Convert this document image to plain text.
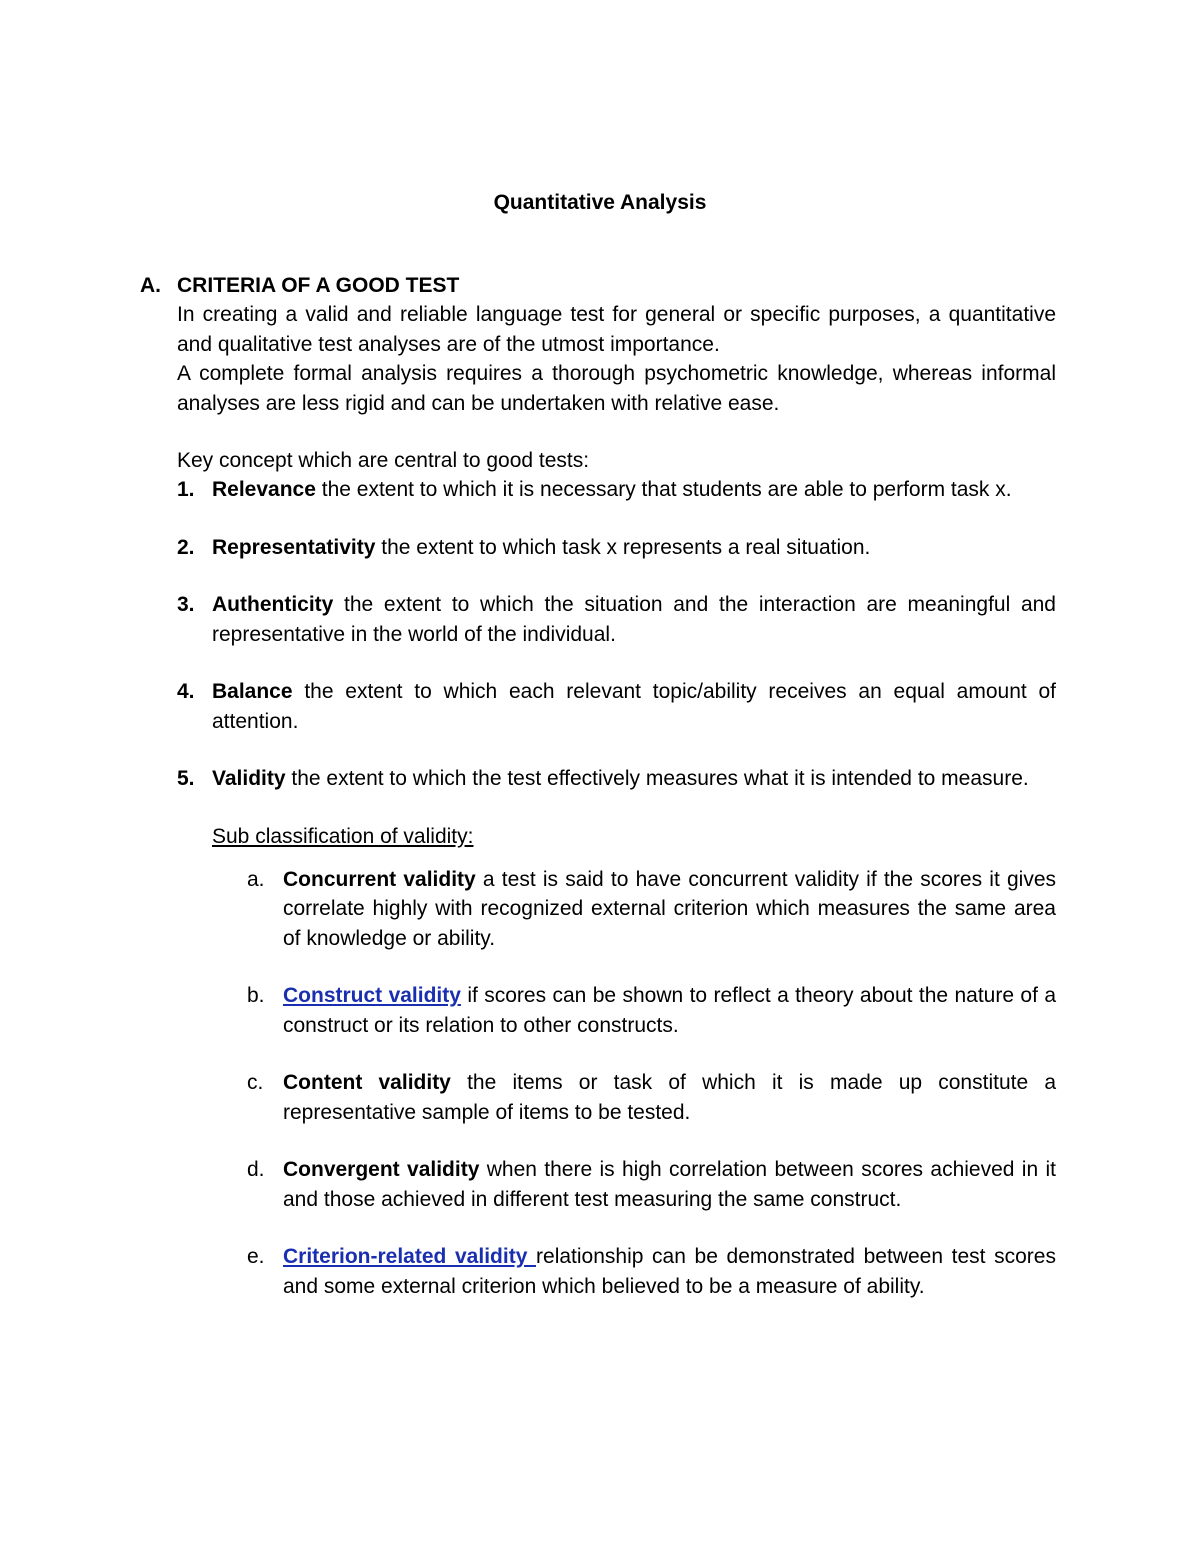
Quantitative Analysis
A. CRITERIA OF A GOOD TEST

In creating a valid and reliable language test for general or specific purposes, a quantitative and qualitative test analyses are of the utmost importance.

A complete formal analysis requires a thorough psychometric knowledge, whereas informal analyses are less rigid and can be undertaken with relative ease.

Key concept which are central to good tests:

1. Relevance the extent to which it is necessary that students are able to perform task x.
2. Representativity the extent to which task x represents a real situation.
3. Authenticity the extent to which the situation and the interaction are meaningful and representative in the world of the individual.
4. Balance the extent to which each relevant topic/ability receives an equal amount of attention.
5. Validity the extent to which the test effectively measures what it is intended to measure.
Sub classification of validity:
a. Concurrent validity a test is said to have concurrent validity if the scores it gives correlate highly with recognized external criterion which measures the same area of knowledge or ability.
b. Construct validity if scores can be shown to reflect a theory about the nature of a construct or its relation to other constructs.
c. Content validity the items or task of which it is made up constitute a representative sample of items to be tested.
d. Convergent validity when there is high correlation between scores achieved in it and those achieved in different test measuring the same construct.
e. Criterion-related validity relationship can be demonstrated between test scores and some external criterion which believed to be a measure of ability.
